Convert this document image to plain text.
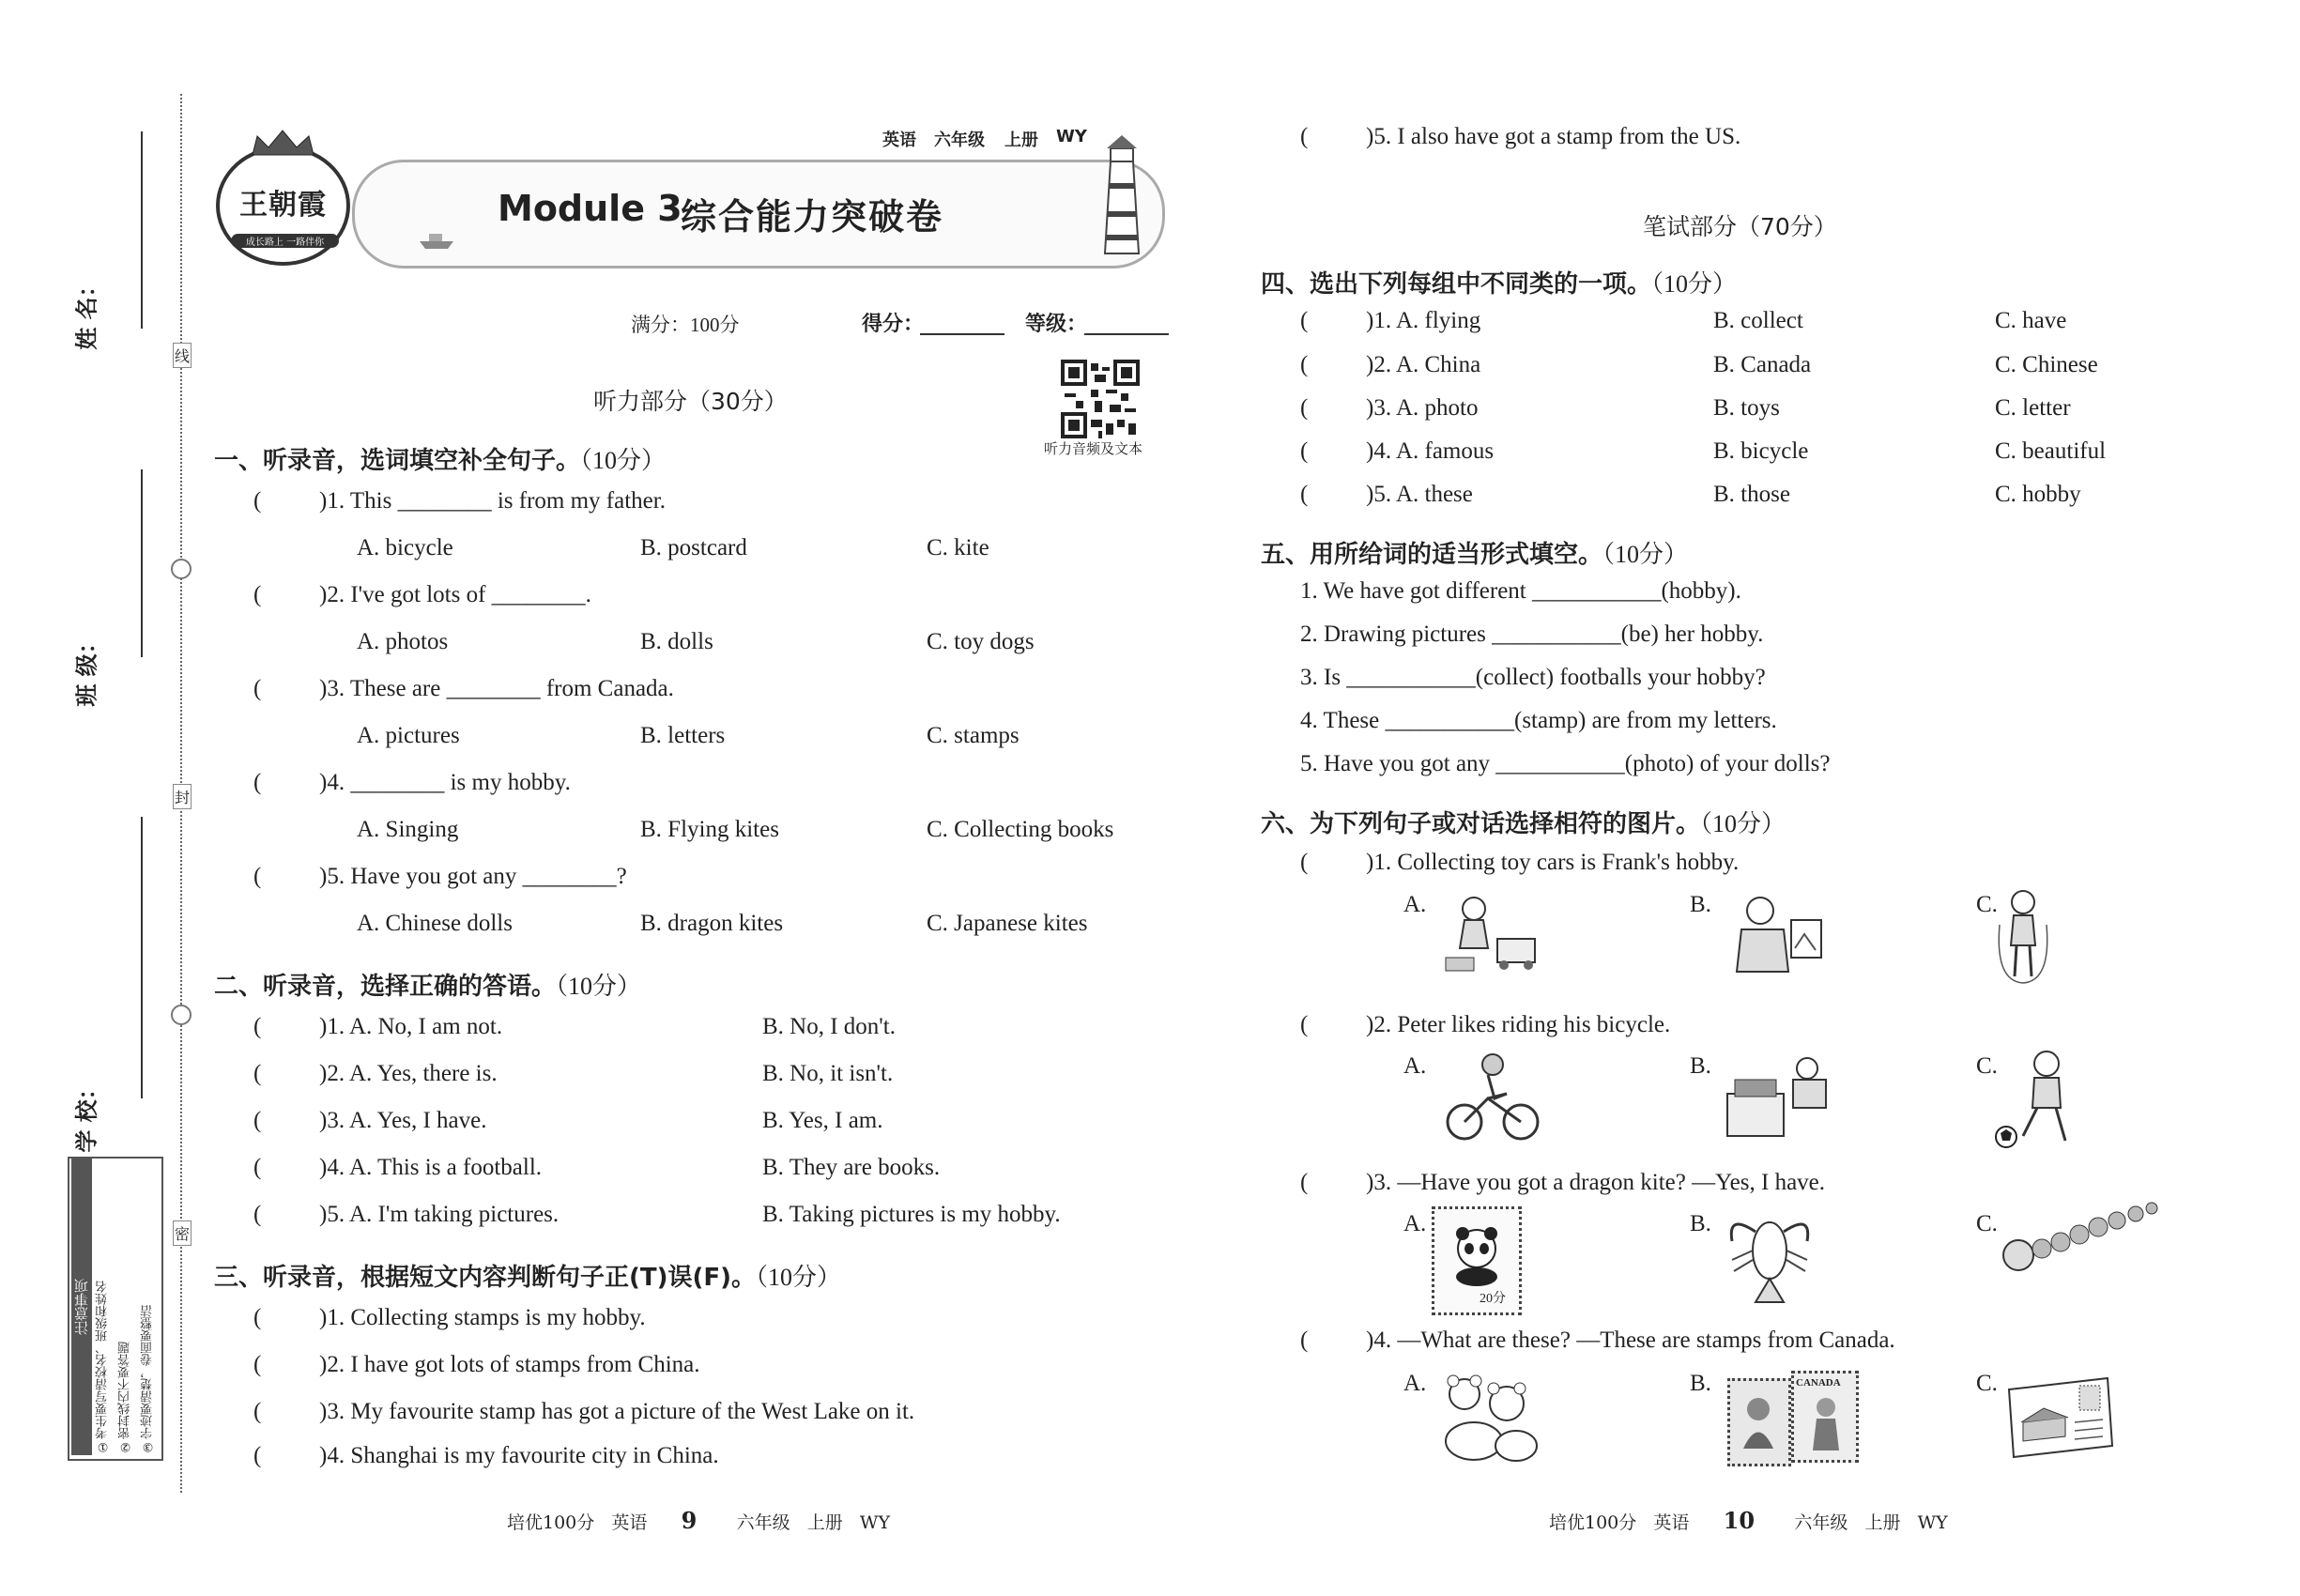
线
封
密
姓 名：
班 级：
学 校：
注意事项 ①考生要写清校名、班级和姓名 ②密封线内不要答题 ③字迹要清楚，卷面要整洁
王朝霞
成长路上 一路伴你
英语 六年级 上册 WY
Module 3
综合能力突破卷
满分：100分	得分：	等级：
听力音频及文本
听力部分（30分）
一、听录音，选词填空补全句子。（10分）
( )1. This ________ is from my father.
A. bicycle	B. postcard	C. kite
( )2. I've got lots of ________.
A. photos	B. dolls	C. toy dogs
( )3. These are ________ from Canada.
A. pictures	B. letters	C. stamps
( )4. ________ is my hobby.
A. Singing	B. Flying kites	C. Collecting books
( )5. Have you got any ________?
A. Chinese dolls	B. dragon kites	C. Japanese kites
二、听录音，选择正确的答语。（10分）
( )1. A. No, I am not.	B. No, I don't.
( )2. A. Yes, there is.	B. No, it isn't.
( )3. A. Yes, I have.	B. Yes, I am.
( )4. A. This is a football.	B. They are books.
( )5. A. I'm taking pictures.	B. Taking pictures is my hobby.
三、听录音，根据短文内容判断句子正(T)误(F)。（10分）
( )1. Collecting stamps is my hobby.
( )2. I have got lots of stamps from China.
( )3. My favourite stamp has got a picture of the West Lake on it.
( )4. Shanghai is my favourite city in China.
培优100分 英语 9 六年级 上册 WY
( )5. I also have got a stamp from the US.
笔试部分（70分）
四、选出下列每组中不同类的一项。（10分）
( )1. A. flying	B. collect	C. have
( )2. A. China	B. Canada	C. Chinese
( )3. A. photo	B. toys	C. letter
( )4. A. famous	B. bicycle	C. beautiful
( )5. A. these	B. those	C. hobby
五、用所给词的适当形式填空。（10分）
1. We have got different ___________(hobby).
2. Drawing pictures ___________(be) her hobby.
3. Is ___________(collect) footballs your hobby?
4. These ___________(stamp) are from my letters.
5. Have you got any ___________(photo) of your dolls?
六、为下列句子或对话选择相符的图片。（10分）
( )1. Collecting toy cars is Frank's hobby.
A.	B.	C.
( )2. Peter likes riding his bicycle.
A.	B.	C.
( )3. —Have you got a dragon kite? —Yes, I have.
A.	B.	C.
20分
( )4. —What are these? —These are stamps from Canada.
A.	B.	C.
CANADA
培优100分 英语 10 六年级 上册 WY
